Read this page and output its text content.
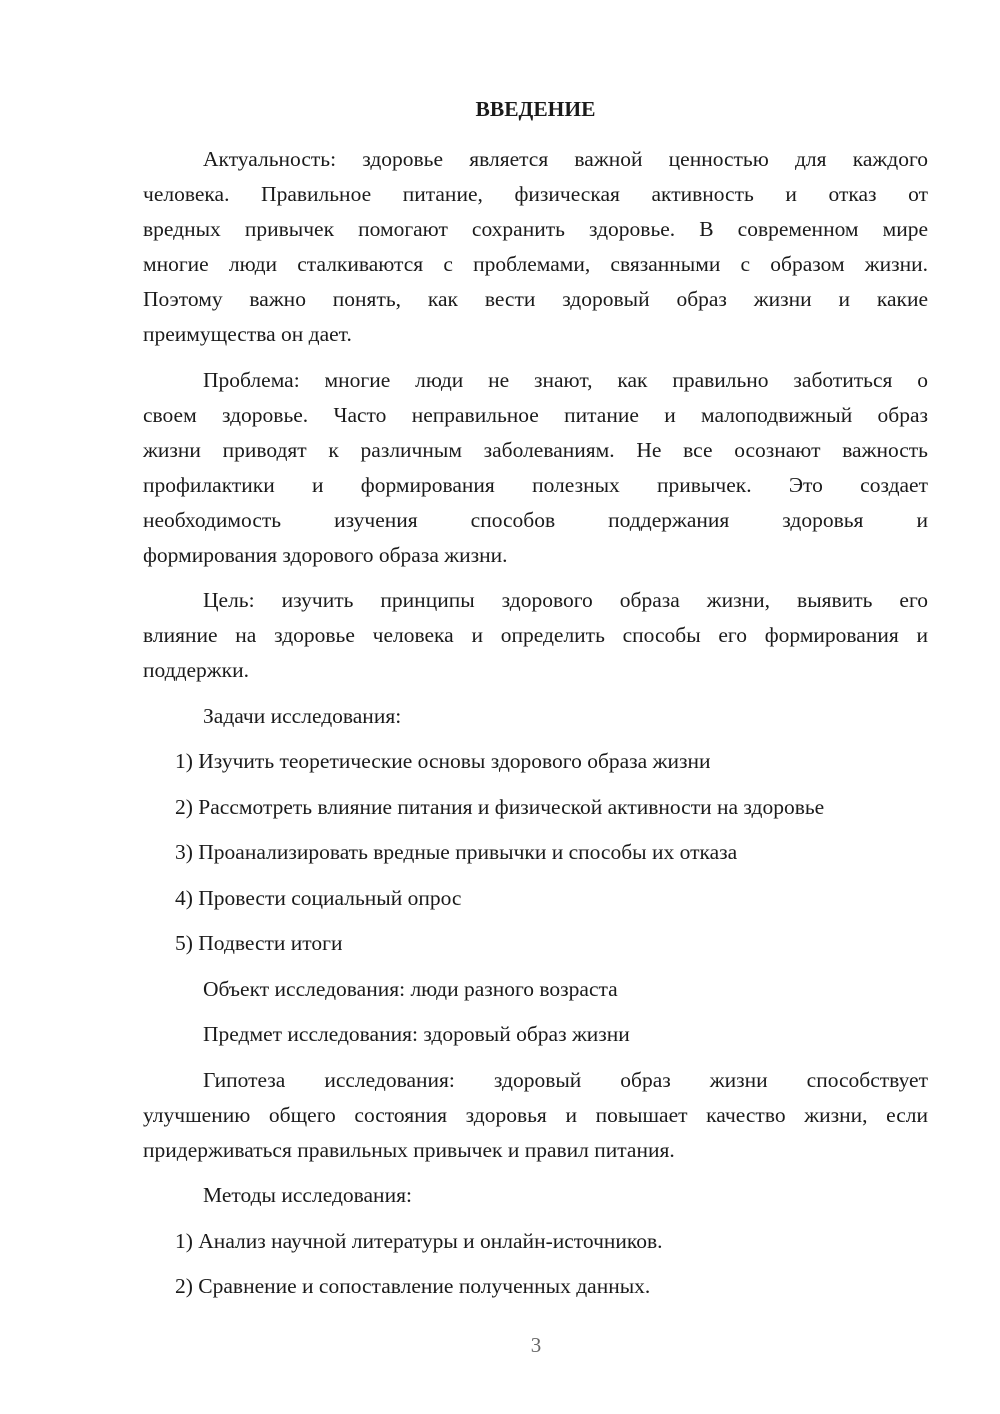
ВВЕДЕНИЕ
Актуальность: здоровье является важной ценностью для каждого
человека. Правильное питание, физическая активность и отказ от
вредных привычек помогают сохранить здоровье. В современном мире
многие люди сталкиваются с проблемами, связанными с образом жизни.
Поэтому важно понять, как вести здоровый образ жизни и какие
преимущества он дает.
Проблема: многие люди не знают, как правильно заботиться о
своем здоровье. Часто неправильное питание и малоподвижный образ
жизни приводят к различным заболеваниям. Не все осознают важность
профилактики и формирования полезных привычек. Это создает
необходимость изучения способов поддержания здоровья и
формирования здорового образа жизни.
Цель: изучить принципы здорового образа жизни, выявить его
влияние на здоровье человека и определить способы его формирования и
поддержки.
Задачи исследования:
1) Изучить теоретические основы здорового образа жизни
2) Рассмотреть влияние питания и физической активности на здоровье
3) Проанализировать вредные привычки и способы их отказа
4) Провести социальный опрос
5) Подвести итоги
Объект исследования: люди разного возраста
Предмет исследования: здоровый образ жизни
Гипотеза исследования: здоровый образ жизни способствует
улучшению общего состояния здоровья и повышает качество жизни, если
придерживаться правильных привычек и правил питания.
Методы исследования:
1) Анализ научной литературы и онлайн-источников.
2) Сравнение и сопоставление полученных данных.
3
